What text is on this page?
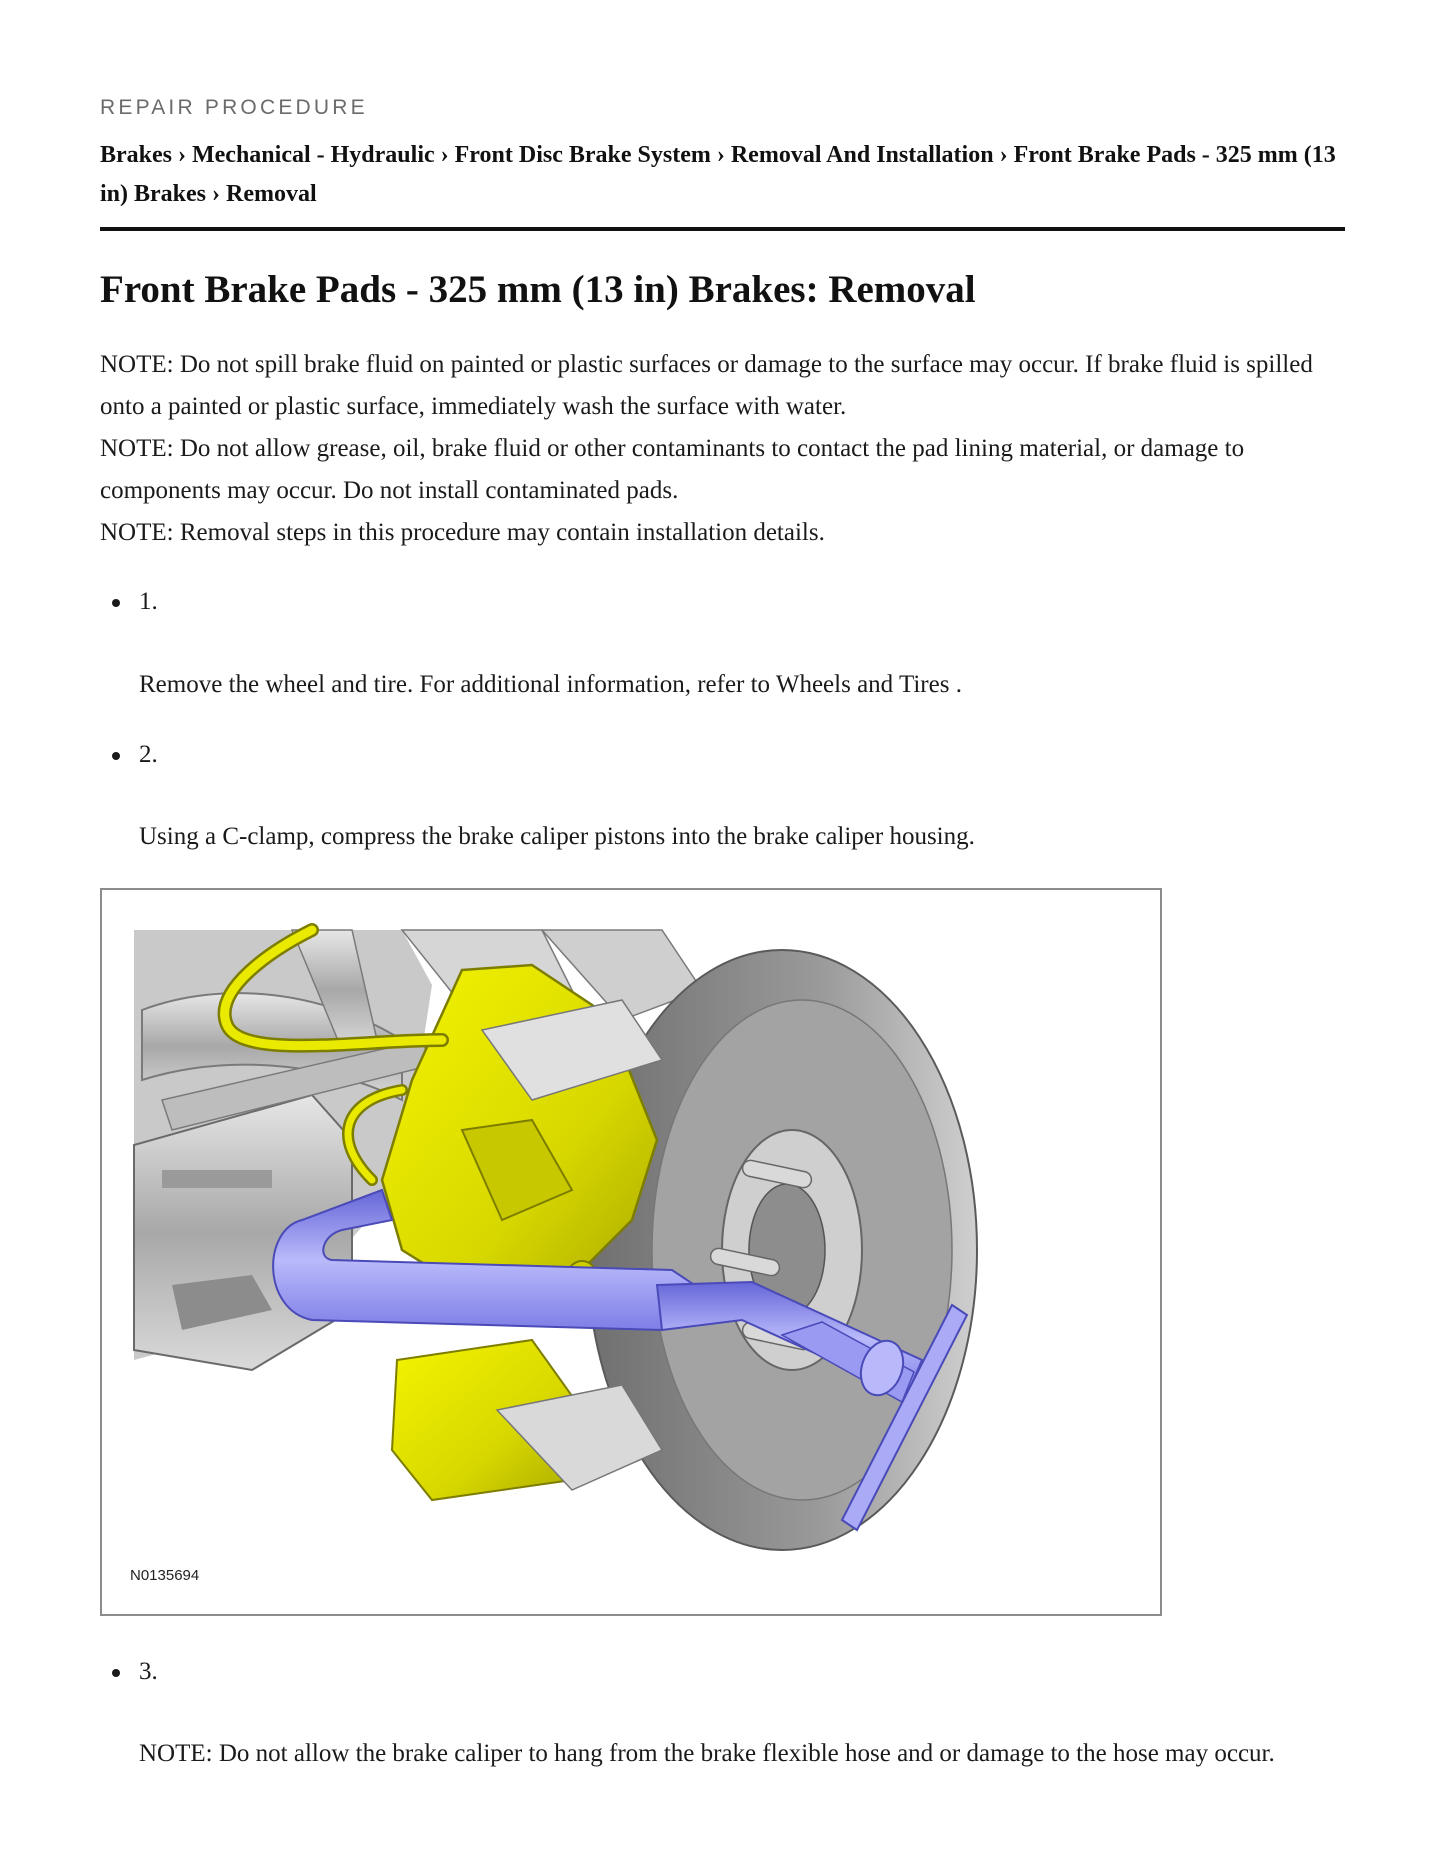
REPAIR PROCEDURE
Brakes › Mechanical - Hydraulic › Front Disc Brake System › Removal And Installation › Front Brake Pads - 325 mm (13 in) Brakes › Removal
Front Brake Pads - 325 mm (13 in) Brakes: Removal

NOTE: Do not spill brake fluid on painted or plastic surfaces or damage to the surface may occur. If brake fluid is spilled onto a painted or plastic surface, immediately wash the surface with water.

NOTE: Do not allow grease, oil, brake fluid or other contaminants to contact the pad lining material, or damage to components may occur. Do not install contaminated pads.

NOTE: Removal steps in this procedure may contain installation details.

1.
Remove the wheel and tire. For additional information, refer to Wheels and Tires .
2.
Using a C-clamp, compress the brake caliper pistons into the brake caliper housing.
N0135694
3.
NOTE: Do not allow the brake caliper to hang from the brake flexible hose and or damage to the hose may occur.
